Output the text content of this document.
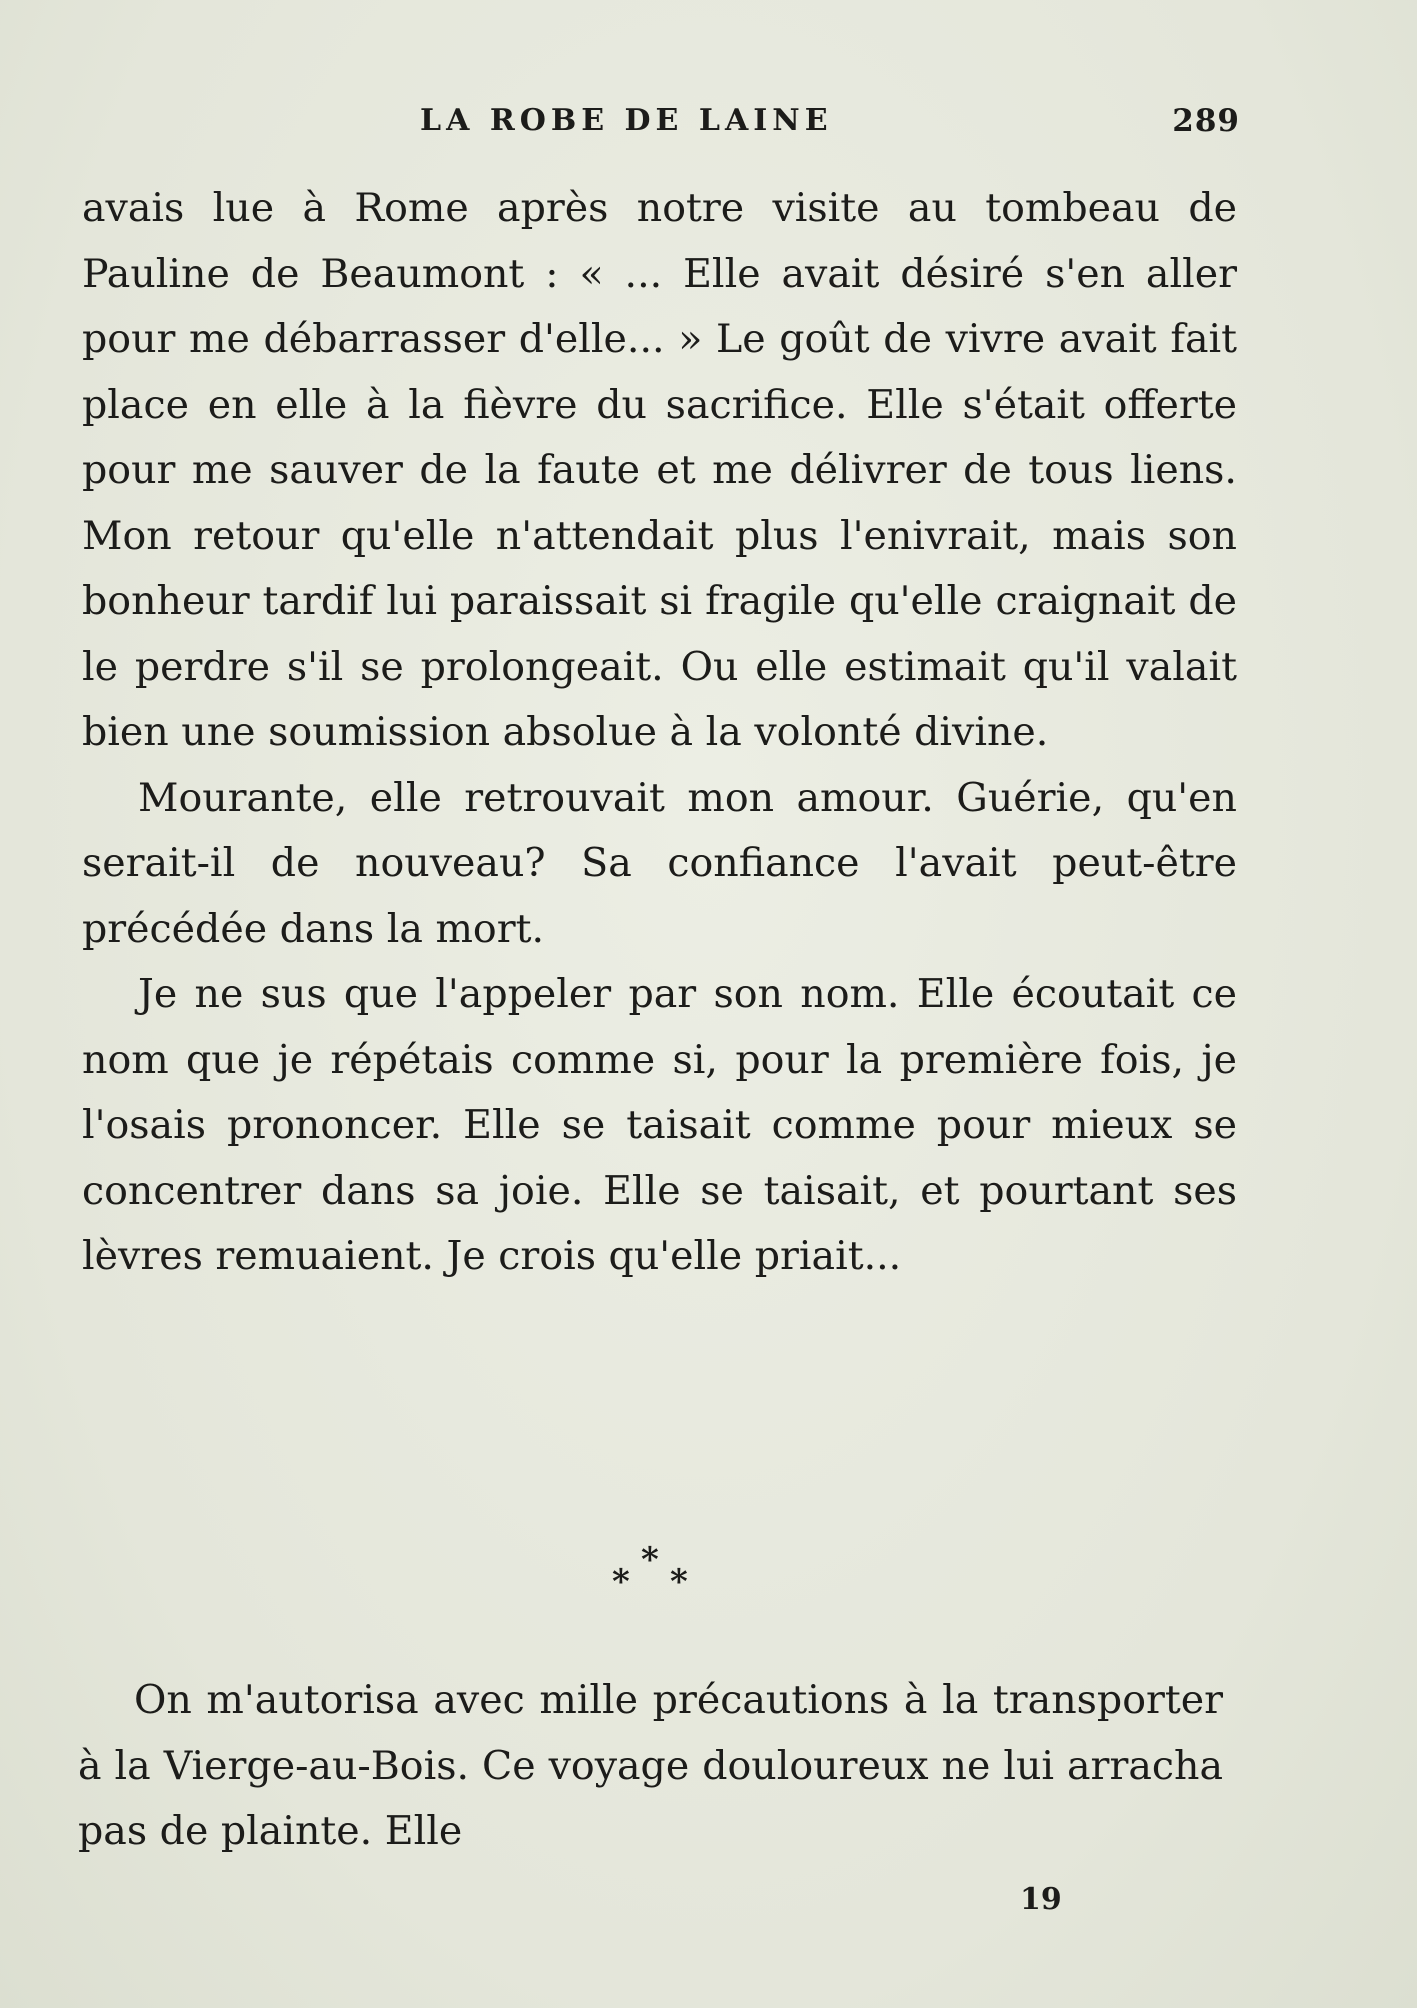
LA ROBE DE LAINE	289

avais lue à Rome après notre visite au tombeau de Pauline de Beaumont : « ... Elle avait désiré s'en aller pour me débarrasser d'elle... » Le goût de vivre avait fait place en elle à la fièvre du sacrifice. Elle s'était offerte pour me sauver de la faute et me délivrer de tous liens. Mon retour qu'elle n'attendait plus l'enivrait, mais son bonheur tardif lui paraissait si fragile qu'elle craignait de le perdre s'il se prolongeait. Ou elle estimait qu'il valait bien une soumission absolue à la volonté divine.

Mourante, elle retrouvait mon amour. Guérie, qu'en serait-il de nouveau? Sa confiance l'avait peut-être précédée dans la mort.

Je ne sus que l'appeler par son nom. Elle écoutait ce nom que je répétais comme si, pour la première fois, je l'osais prononcer. Elle se taisait comme pour mieux se concentrer dans sa joie. Elle se taisait, et pourtant ses lèvres remuaient. Je crois qu'elle priait...

*
* *

On m'autorisa avec mille précautions à la transporter à la Vierge-au-Bois. Ce voyage douloureux ne lui arracha pas de plainte. Elle

19
